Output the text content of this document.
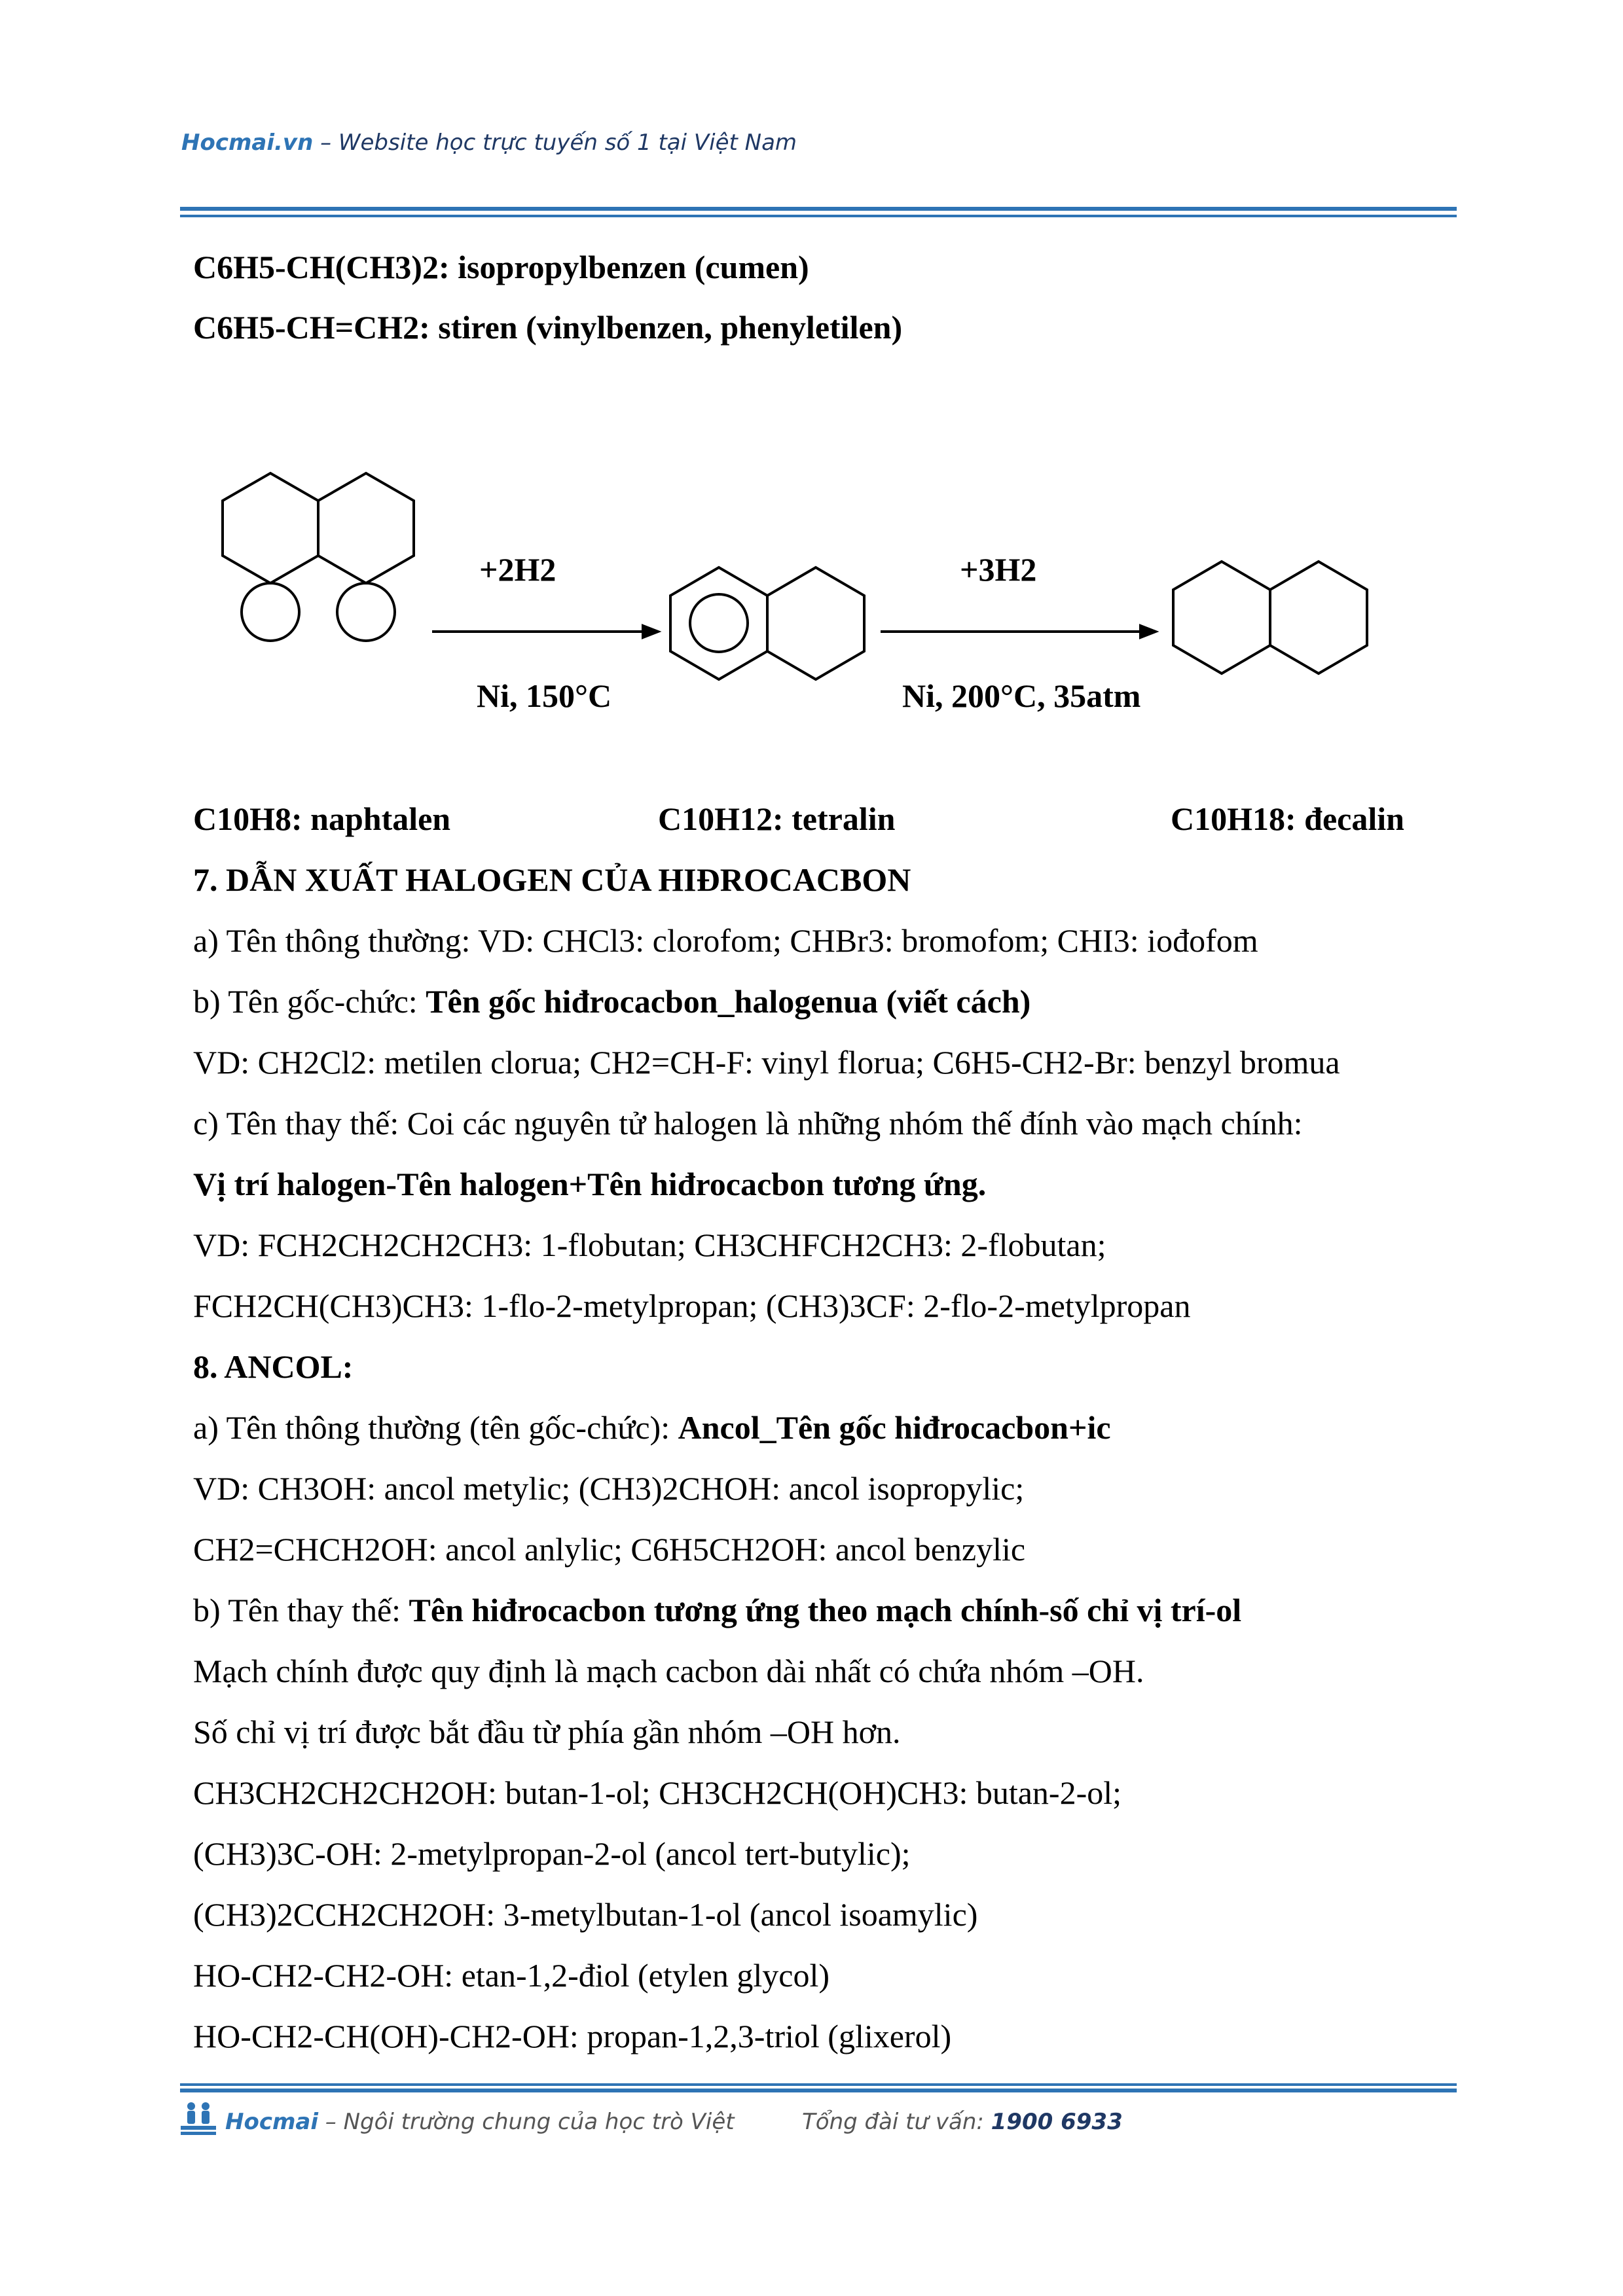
Hocmai.vn – Website học trực tuyến số 1 tại Việt Nam
C6H5-CH(CH3)2: isopropylbenzen (cumen)
C6H5-CH=CH2: stiren (vinylbenzen, phenyletilen)
+2H2
Ni, 150°C
+3H2
Ni, 200°C, 35atm
C10H8: naphtalen	C10H12: tetralin	C10H18: đecalin
7. DẪN XUẤT HALOGEN CỦA HIĐROCACBON
a) Tên thông thường: VD: CHCl3: clorofom; CHBr3: bromofom; CHI3: iođofom
b) Tên gốc-chức: Tên gốc hiđrocacbon_halogenua (viết cách)
VD: CH2Cl2: metilen clorua; CH2=CH-F: vinyl florua; C6H5-CH2-Br: benzyl bromua
c) Tên thay thế: Coi các nguyên tử halogen là những nhóm thế đính vào mạch chính:
Vị trí halogen-Tên halogen+Tên hiđrocacbon tương ứng.
VD: FCH2CH2CH2CH3: 1-flobutan; CH3CHFCH2CH3: 2-flobutan;
FCH2CH(CH3)CH3: 1-flo-2-metylpropan; (CH3)3CF: 2-flo-2-metylpropan
8. ANCOL:
a) Tên thông thường (tên gốc-chức): Ancol_Tên gốc hiđrocacbon+ic
VD: CH3OH: ancol metylic; (CH3)2CHOH: ancol isopropylic;
CH2=CHCH2OH: ancol anlylic; C6H5CH2OH: ancol benzylic
b) Tên thay thế: Tên hiđrocacbon tương ứng theo mạch chính-số chỉ vị trí-ol
Mạch chính được quy định là mạch cacbon dài nhất có chứa nhóm –OH.
Số chỉ vị trí được bắt đầu từ phía gần nhóm –OH hơn.
CH3CH2CH2CH2OH: butan-1-ol; CH3CH2CH(OH)CH3: butan-2-ol;
(CH3)3C-OH: 2-metylpropan-2-ol (ancol tert-butylic);
(CH3)2CCH2CH2OH: 3-metylbutan-1-ol (ancol isoamylic)
HO-CH2-CH2-OH: etan-1,2-điol (etylen glycol)
HO-CH2-CH(OH)-CH2-OH: propan-1,2,3-triol (glixerol)
Hocmai – Ngôi trường chung của học trò Việt	Tổng đài tư vấn: 1900 6933
